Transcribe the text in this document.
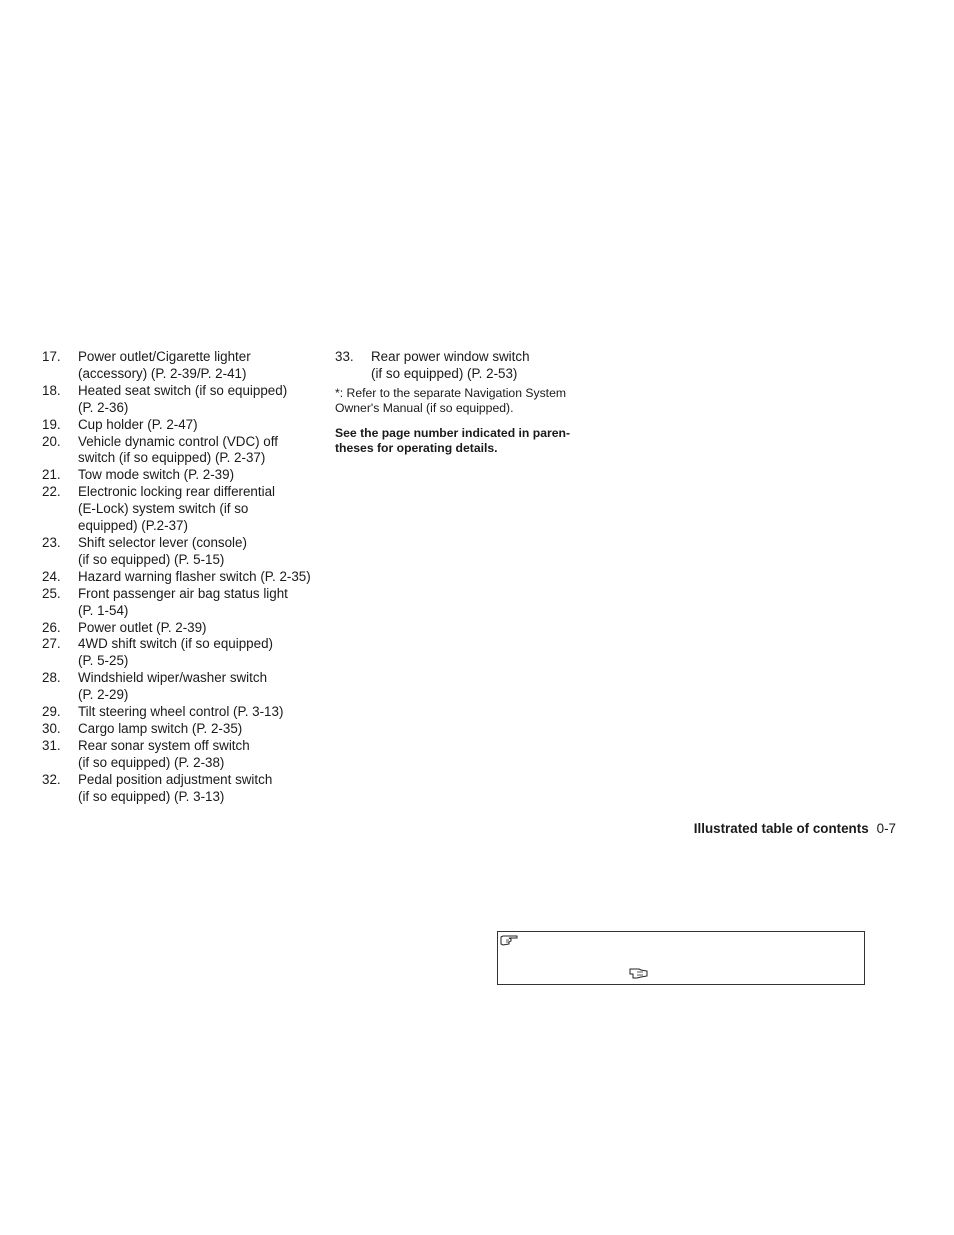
17.	Power outlet/Cigarette lighter
(accessory) (P. 2-39/P. 2-41)
18.	Heated seat switch (if so equipped)
(P. 2-36)
19.	Cup holder (P. 2-47)
20.	Vehicle dynamic control (VDC) off
switch (if so equipped) (P. 2-37)
21.	Tow mode switch (P. 2-39)
22.	Electronic locking rear differential
(E-Lock) system switch (if so
equipped) (P.2-37)
23.	Shift selector lever (console)
(if so equipped) (P. 5-15)
24.	Hazard warning flasher switch (P. 2-35)
25.	Front passenger air bag status light
(P. 1-54)
26.	Power outlet (P. 2-39)
27.	4WD shift switch (if so equipped)
(P. 5-25)
28.	Windshield wiper/washer switch
(P. 2-29)
29.	Tilt steering wheel control (P. 3-13)
30.	Cargo lamp switch (P. 2-35)
31.	Rear sonar system off switch
(if so equipped) (P. 2-38)
32.	Pedal position adjustment switch
(if so equipped) (P. 3-13)
33.	Rear power window switch
(if so equipped) (P. 2-53)
*: Refer to the separate Navigation System
Owner's Manual (if so equipped).
See the page number indicated in paren-
theses for operating details.
Illustrated table of contents 0-7
